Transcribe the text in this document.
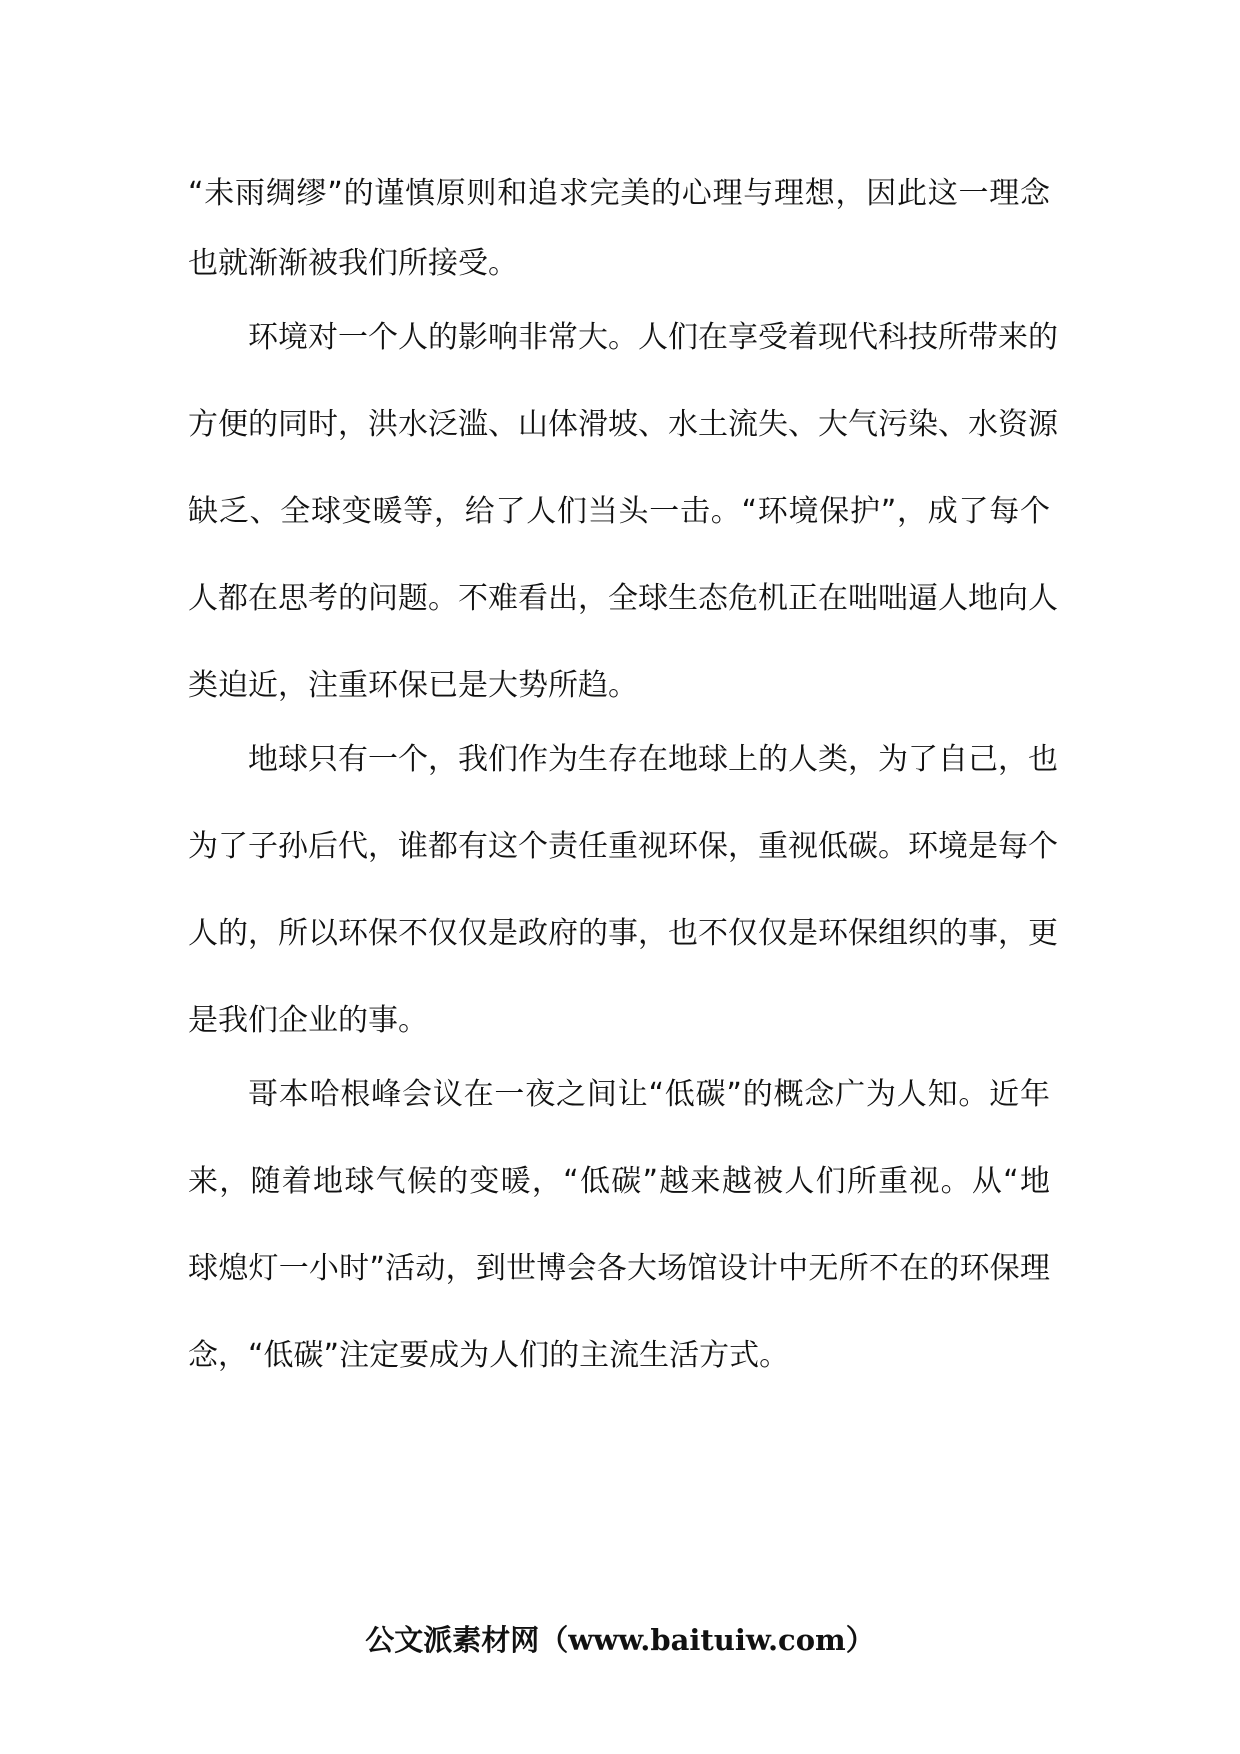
“未雨绸缪”的谨慎原则和追求完美的心理与理想，因此这一理念
也就渐渐被我们所接受。
环境对一个人的影响非常大。人们在享受着现代科技所带来的
方便的同时，洪水泛滥、山体滑坡、水土流失、大气污染、水资源
缺乏、全球变暖等，给了人们当头一击。“环境保护”，成了每个
人都在思考的问题。不难看出，全球生态危机正在咄咄逼人地向人
类迫近，注重环保已是大势所趋。
地球只有一个，我们作为生存在地球上的人类，为了自己，也
为了子孙后代，谁都有这个责任重视环保，重视低碳。环境是每个
人的，所以环保不仅仅是政府的事，也不仅仅是环保组织的事，更
是我们企业的事。
哥本哈根峰会议在一夜之间让“低碳”的概念广为人知。近年
来，随着地球气候的变暖，“低碳”越来越被人们所重视。从“地
球熄灯一小时”活动，到世博会各大场馆设计中无所不在的环保理
念，“低碳”注定要成为人们的主流生活方式。
公文派素材网（www.baituiw.com）
